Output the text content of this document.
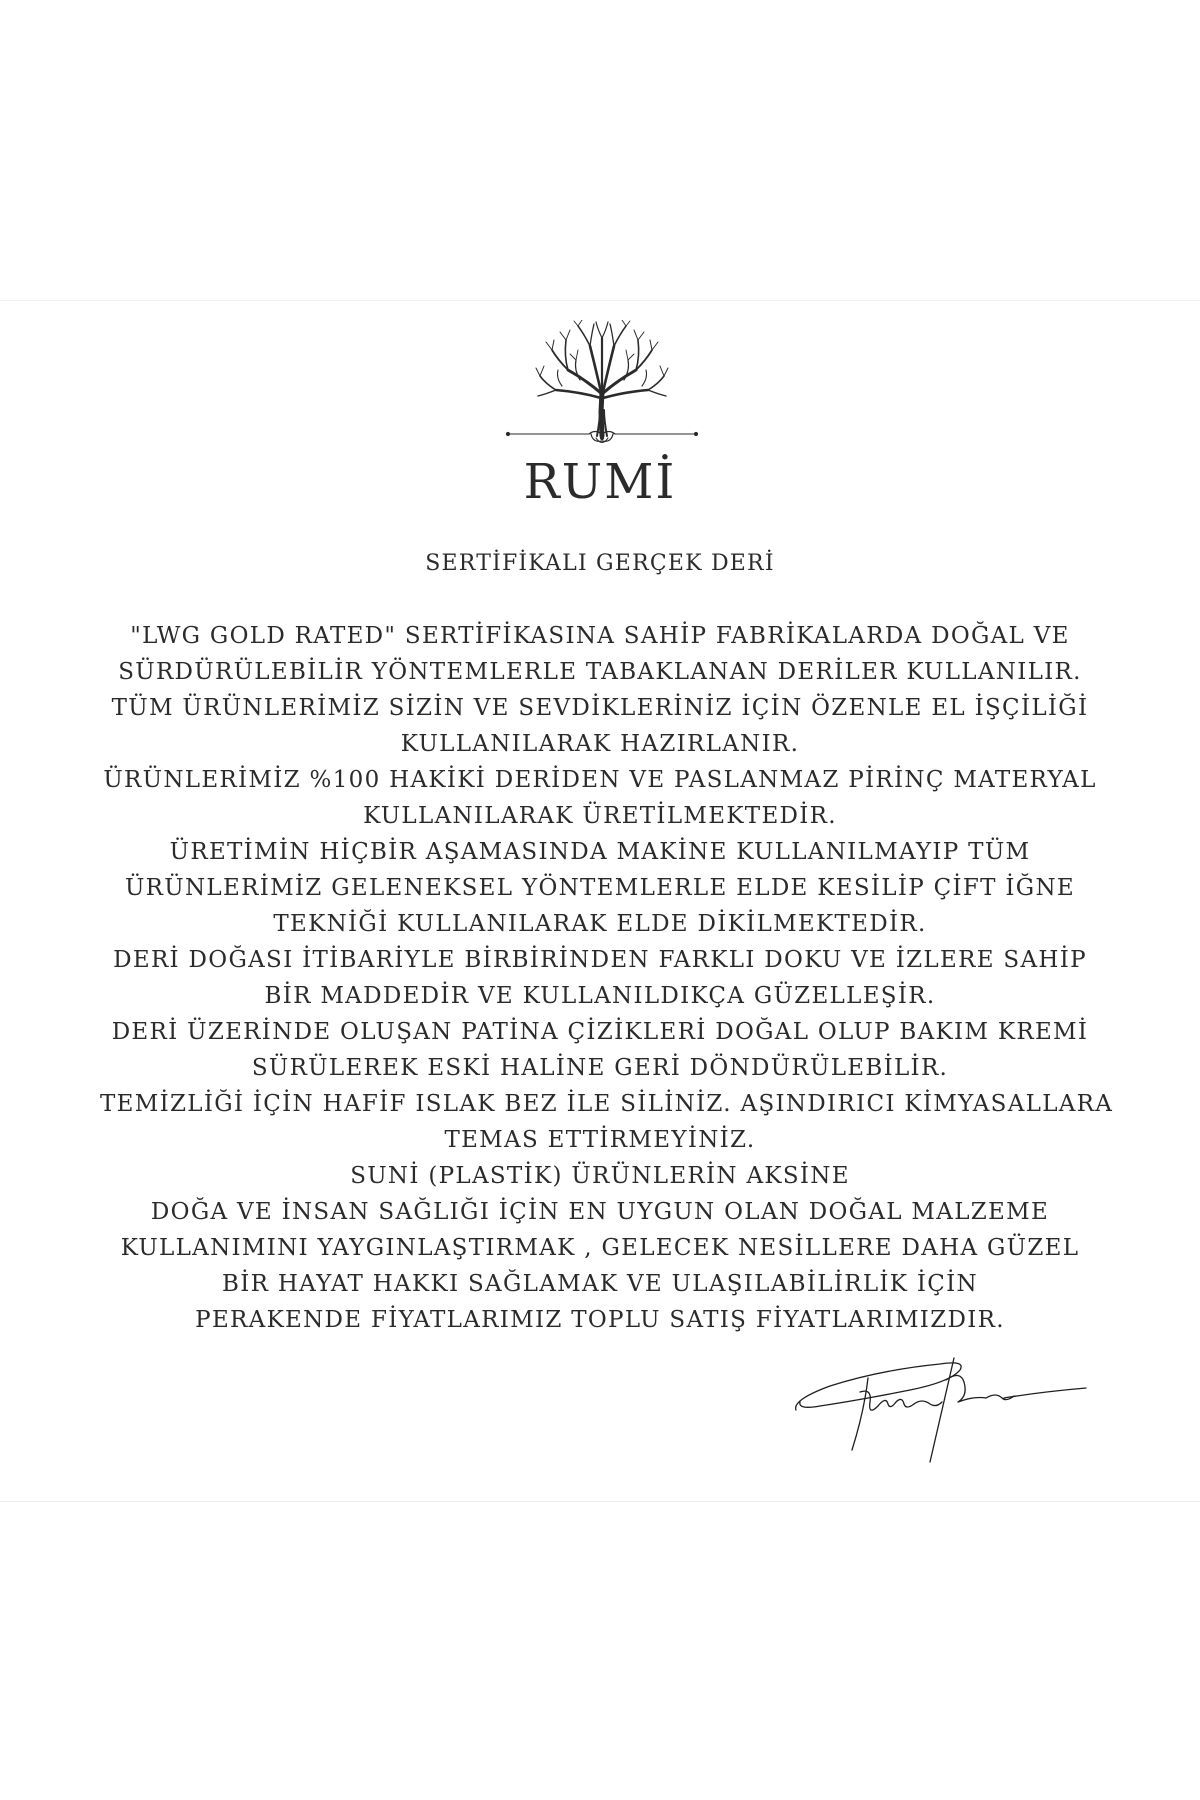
RUMİ
SERTİFİKALI GERÇEK DERİ
"LWG GOLD RATED" SERTİFİKASINA SAHİP FABRİKALARDA DOĞAL VE
SÜRDÜRÜLEBİLİR YÖNTEMLERLE TABAKLANAN DERİLER KULLANILIR.
TÜM ÜRÜNLERİMİZ SİZİN VE SEVDİKLERİNİZ İÇİN ÖZENLE EL İŞÇİLİĞİ
KULLANILARAK HAZIRLANIR.
ÜRÜNLERİMİZ %100 HAKİKİ DERİDEN VE PASLANMAZ PİRİNÇ MATERYAL
KULLANILARAK ÜRETİLMEKTEDİR.
ÜRETİMİN HİÇBİR AŞAMASINDA MAKİNE KULLANILMAYIP TÜM
ÜRÜNLERİMİZ GELENEKSEL YÖNTEMLERLE ELDE KESİLİP ÇİFT İĞNE
TEKNİĞİ KULLANILARAK ELDE DİKİLMEKTEDİR.
DERİ DOĞASI İTİBARİYLE BİRBİRİNDEN FARKLI DOKU VE İZLERE SAHİP
BİR MADDEDİR VE KULLANILDIKÇA GÜZELLEŞİR.
DERİ ÜZERİNDE OLUŞAN PATİNA ÇİZİKLERİ DOĞAL OLUP BAKIM KREMİ
SÜRÜLEREK ESKİ HALİNE GERİ DÖNDÜRÜLEBİLİR.
TEMİZLİĞİ İÇİN HAFİF ISLAK BEZ İLE SİLİNİZ. AŞINDIRICI KİMYASALLARA
TEMAS ETTİRMEYİNİZ.
SUNİ (PLASTİK) ÜRÜNLERİN AKSİNE
DOĞA VE İNSAN SAĞLIĞI İÇİN EN UYGUN OLAN DOĞAL MALZEME
KULLANIMINI YAYGINLAŞTIRMAK , GELECEK NESİLLERE DAHA GÜZEL
BİR HAYAT HAKKI SAĞLAMAK VE ULAŞILABİLİRLİK İÇİN
PERAKENDE FİYATLARIMIZ TOPLU SATIŞ FİYATLARIMIZDIR.
